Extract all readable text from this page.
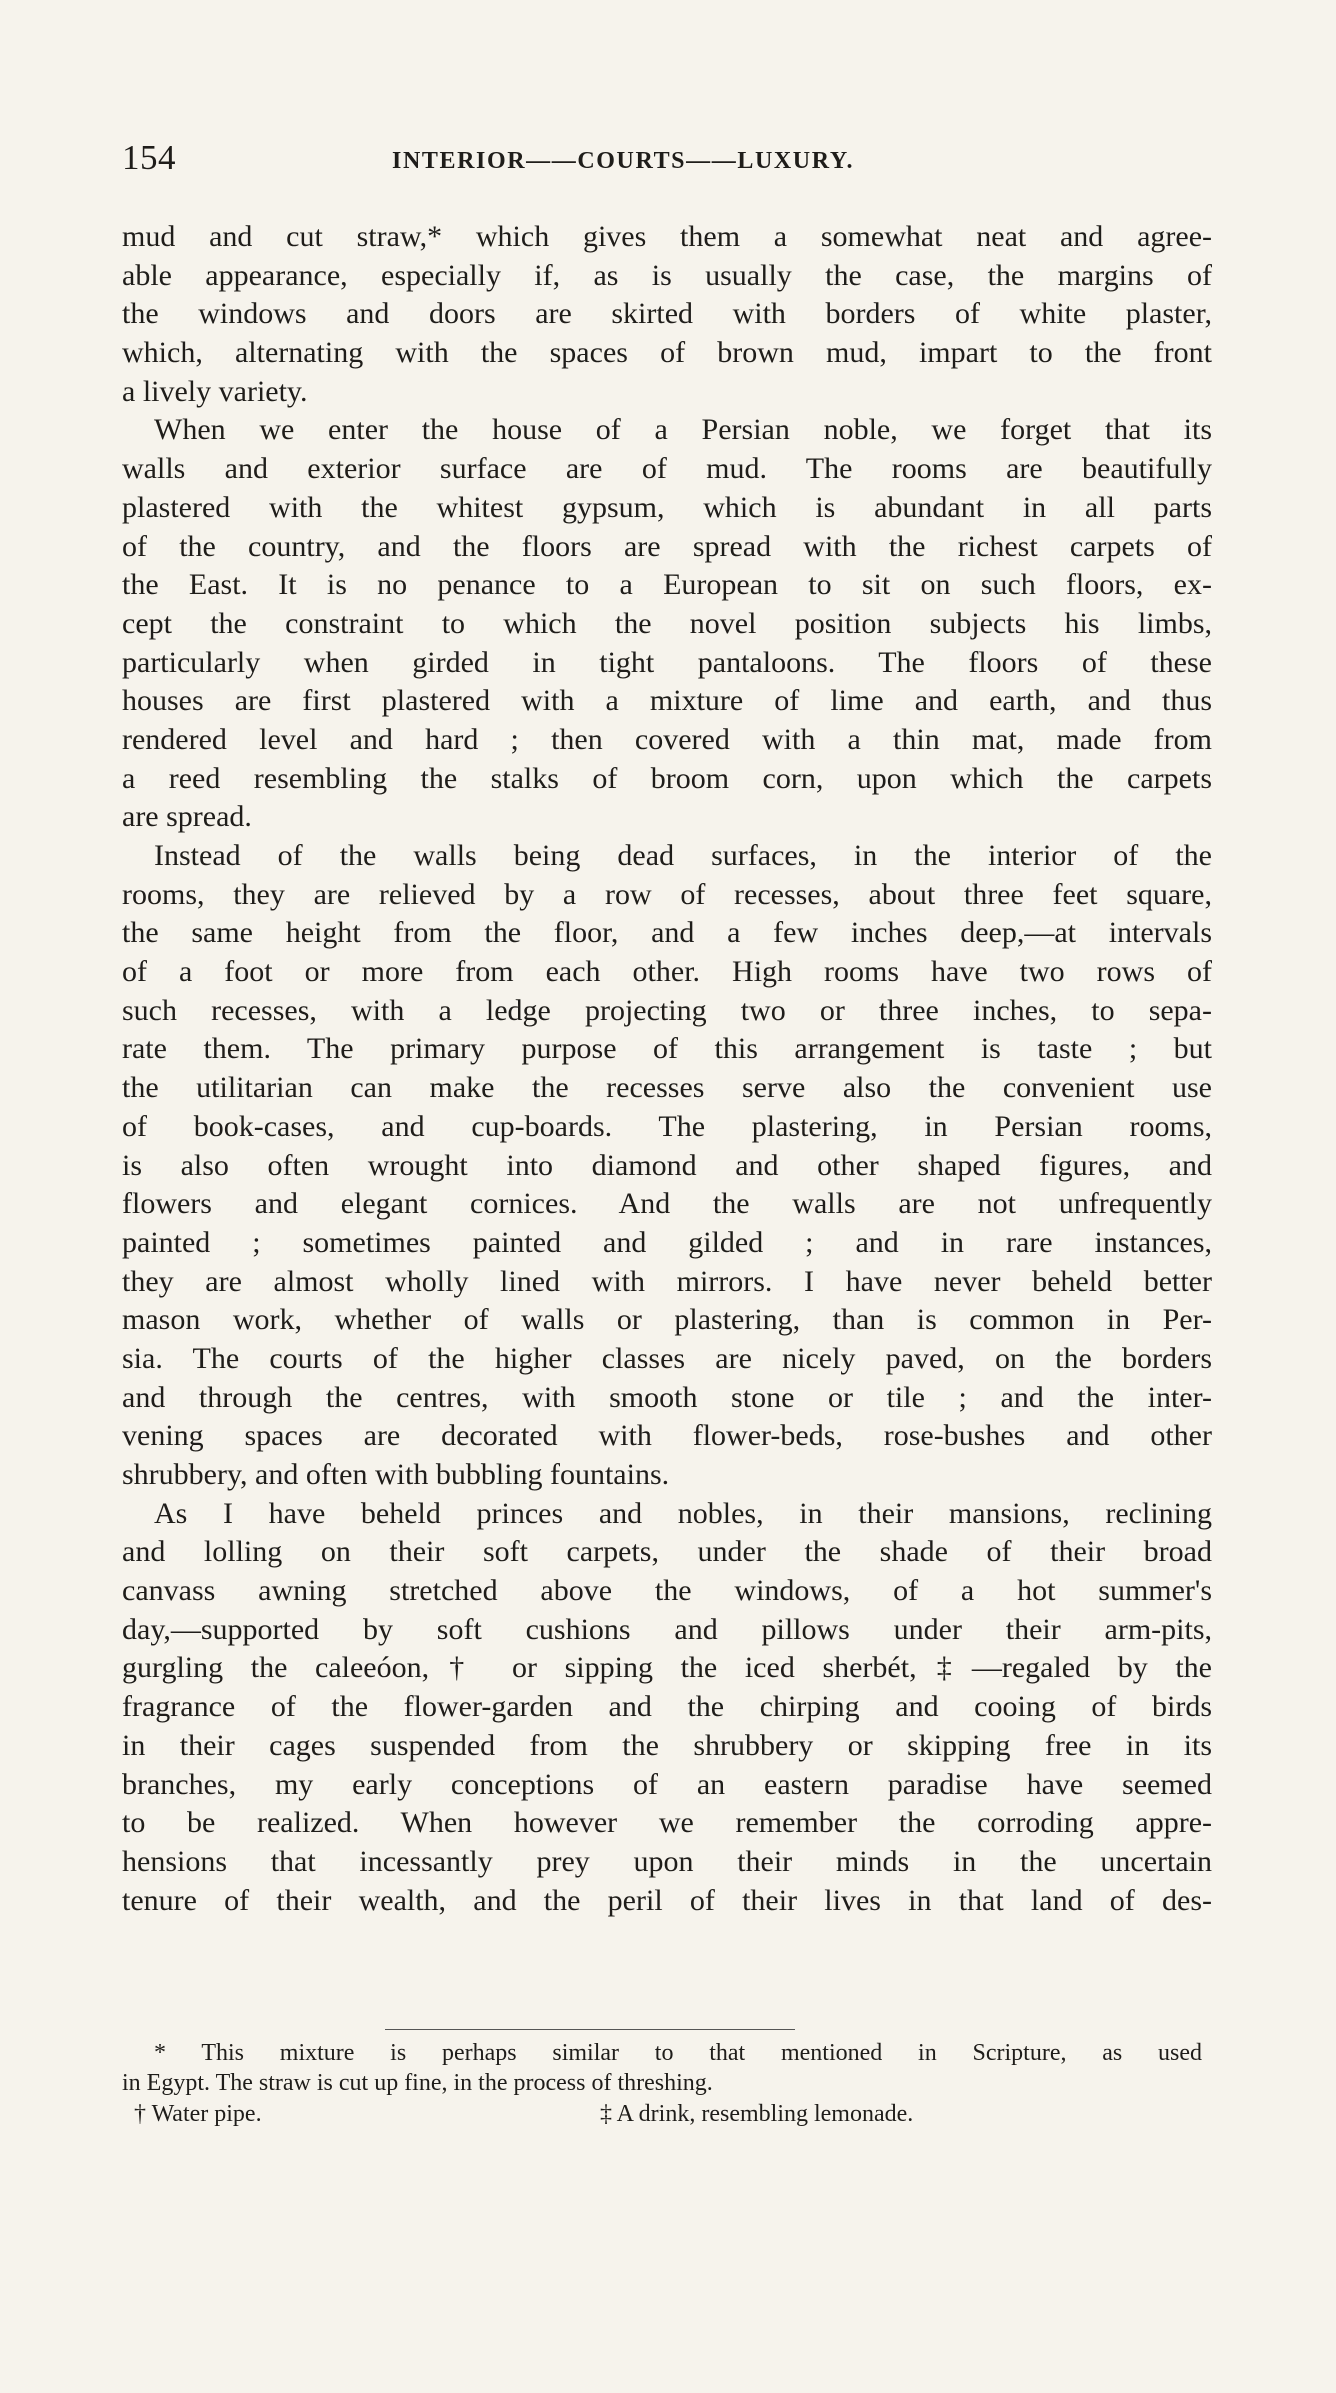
154	INTERIOR——COURTS——LUXURY.
mud and cut straw,* which gives them a somewhat neat and agree-
able appearance, especially if, as is usually the case, the margins of
the windows and doors are skirted with borders of white plaster,
which, alternating with the spaces of brown mud, impart to the front
a lively variety.
When we enter the house of a Persian noble, we forget that its
walls and exterior surface are of mud. The rooms are beautifully
plastered with the whitest gypsum, which is abundant in all parts
of the country, and the floors are spread with the richest carpets of
the East. It is no penance to a European to sit on such floors, ex-
cept the constraint to which the novel position subjects his limbs,
particularly when girded in tight pantaloons. The floors of these
houses are first plastered with a mixture of lime and earth, and thus
rendered level and hard ; then covered with a thin mat, made from
a reed resembling the stalks of broom corn, upon which the carpets
are spread.
Instead of the walls being dead surfaces, in the interior of the
rooms, they are relieved by a row of recesses, about three feet square,
the same height from the floor, and a few inches deep,—at intervals
of a foot or more from each other. High rooms have two rows of
such recesses, with a ledge projecting two or three inches, to sepa-
rate them. The primary purpose of this arrangement is taste ; but
the utilitarian can make the recesses serve also the convenient use
of book-cases, and cup-boards. The plastering, in Persian rooms,
is also often wrought into diamond and other shaped figures, and
flowers and elegant cornices. And the walls are not unfrequently
painted ; sometimes painted and gilded ; and in rare instances,
they are almost wholly lined with mirrors. I have never beheld better
mason work, whether of walls or plastering, than is common in Per-
sia. The courts of the higher classes are nicely paved, on the borders
and through the centres, with smooth stone or tile ; and the inter-
vening spaces are decorated with flower-beds, rose-bushes and other
shrubbery, and often with bubbling fountains.
As I have beheld princes and nobles, in their mansions, reclining
and lolling on their soft carpets, under the shade of their broad
canvass awning stretched above the windows, of a hot summer's
day,—supported by soft cushions and pillows under their arm-pits,
gurgling the caleeóon,† or sipping the iced sherbét,‡—regaled by the
fragrance of the flower-garden and the chirping and cooing of birds
in their cages suspended from the shrubbery or skipping free in its
branches, my early conceptions of an eastern paradise have seemed
to be realized. When however we remember the corroding appre-
hensions that incessantly prey upon their minds in the uncertain
tenure of their wealth, and the peril of their lives in that land of des-
* This mixture is perhaps similar to that mentioned in Scripture, as used
in Egypt. The straw is cut up fine, in the process of threshing.
† Water pipe.	‡ A drink, resembling lemonade.
